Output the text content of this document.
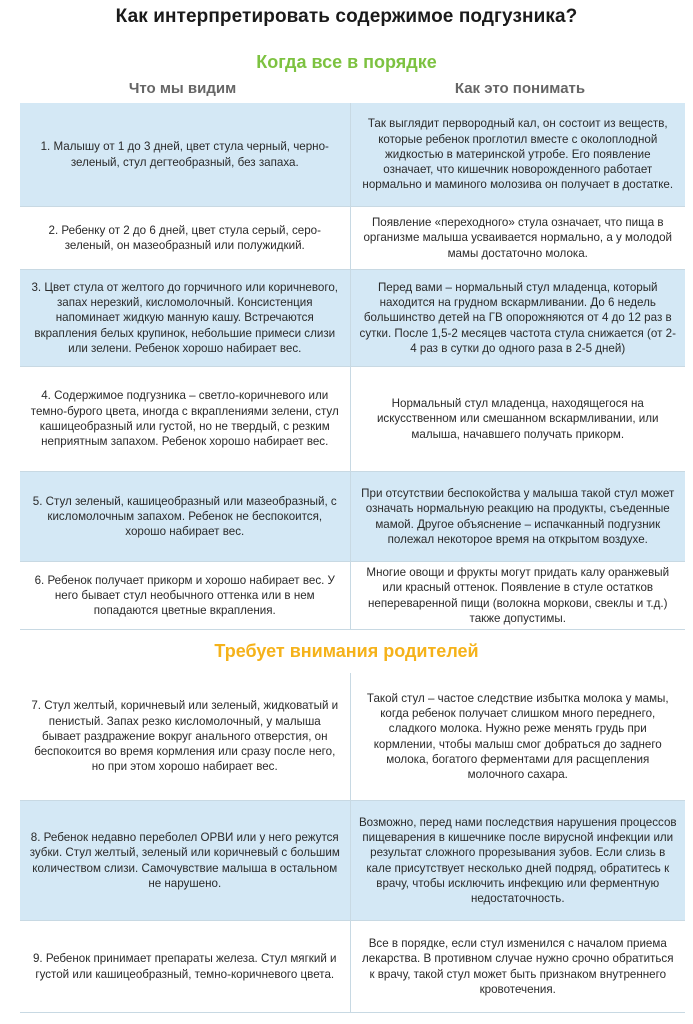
Как интерпретировать содержимое подгузника?
Когда все в порядке
Что мы видим	Как это понимать
1. Малышу от 1 до 3 дней, цвет стула черный, черно-зеленый, стул дегтеобразный, без запаха.
Так выглядит первородный кал, он состоит из веществ, которые ребенок проглотил вместе с околоплодной жидкостью в материнской утробе. Его появление означает, что кишечник новорожденного работает нормально и маминого молозива он получает в достатке.
2. Ребенку от 2 до 6 дней, цвет стула серый, серо-зеленый, он мазеобразный или полужидкий.
Появление «переходного» стула означает, что пища в организме малыша усваивается нормально, а у молодой мамы достаточно молока.
3. Цвет стула от желтого до горчичного или коричневого, запах нерезкий, кисломолочный. Консистенция напоминает жидкую манную кашу. Встречаются вкрапления белых крупинок, небольшие примеси слизи или зелени. Ребенок хорошо набирает вес.
Перед вами – нормальный стул младенца, который находится на грудном вскармливании. До 6 недель большинство детей на ГВ опорожняются от 4 до 12 раз в сутки. После 1,5-2 месяцев частота стула снижается (от 2-4 раз в сутки до одного раза в 2-5 дней)
4. Содержимое подгузника – светло-коричневого или темно-бурого цвета, иногда с вкраплениями зелени, стул кашицеобразный или густой, но не твердый, с резким неприятным запахом. Ребенок хорошо набирает вес.
Нормальный стул младенца, находящегося на искусственном или смешанном вскармливании, или малыша, начавшего получать прикорм.
5. Стул зеленый, кашицеобразный или мазеобразный, с кисломолочным запахом. Ребенок не беспокоится, хорошо набирает вес.
При отсутствии беспокойства у малыша такой стул может означать нормальную реакцию на продукты, съеденные мамой. Другое объяснение – испачканный подгузник полежал некоторое время на открытом воздухе.
6. Ребенок получает прикорм и хорошо набирает вес. У него бывает стул необычного оттенка или в нем попадаются цветные вкрапления.
Многие овощи и фрукты могут придать калу оранжевый или красный оттенок. Появление в стуле остатков непереваренной пищи (волокна моркови, свеклы и т.д.) также допустимы.
Требует внимания родителей
7. Стул желтый, коричневый или зеленый, жидковатый и пенистый. Запах резко кисломолочный, у малыша бывает раздражение вокруг анального отверстия, он беспокоится во время кормления или сразу после него, но при этом хорошо набирает вес.
Такой стул – частое следствие избытка молока у мамы, когда ребенок получает слишком много переднего, сладкого молока. Нужно реже менять грудь при кормлении, чтобы малыш смог добраться до заднего молока, богатого ферментами для расщепления молочного сахара.
8. Ребенок недавно переболел ОРВИ или у него режутся зубки. Стул желтый, зеленый или коричневый с большим количеством слизи. Самочувствие малыша в остальном не нарушено.
Возможно, перед нами последствия нарушения процессов пищеварения в кишечнике после вирусной инфекции или результат сложного прорезывания зубов. Если слизь в кале присутствует несколько дней подряд, обратитесь к врачу, чтобы исключить инфекцию или ферментную недостаточность.
9. Ребенок принимает препараты железа. Стул мягкий и густой или кашицеобразный, темно-коричневого цвета.
Все в порядке, если стул изменился с началом приема лекарства. В противном случае нужно срочно обратиться к врачу, такой стул может быть признаком внутреннего кровотечения.
